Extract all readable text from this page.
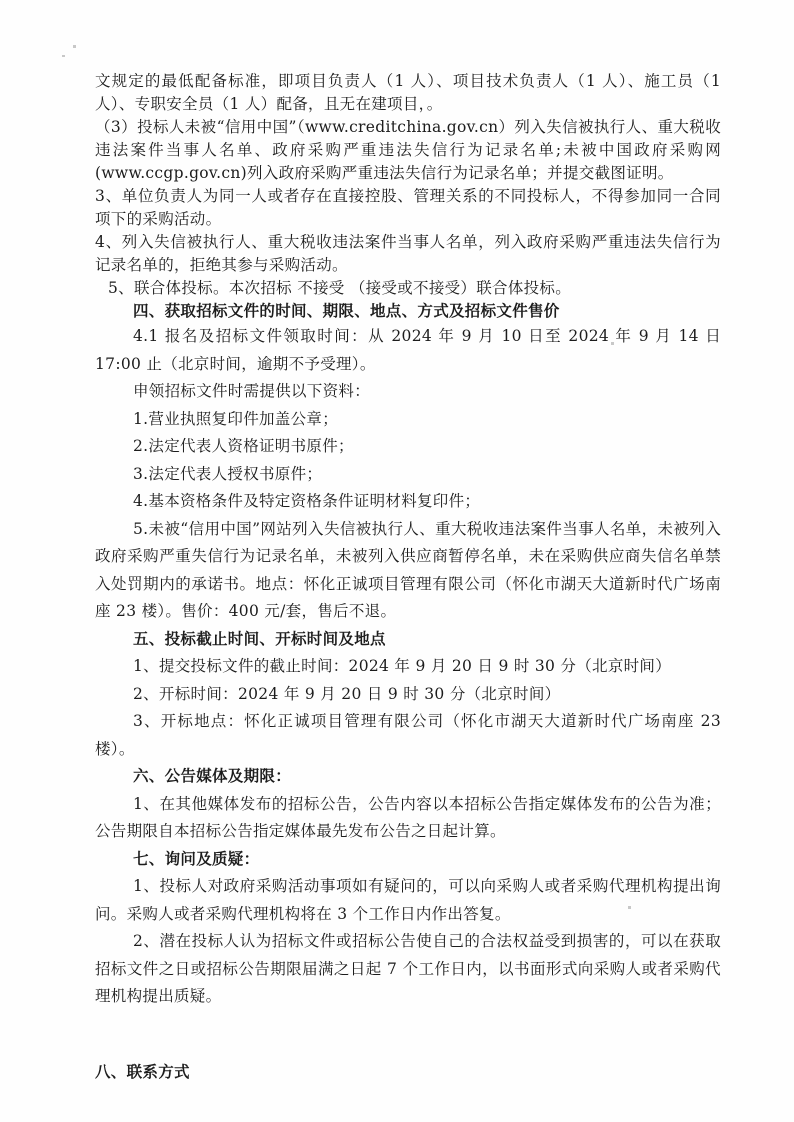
文规定的最低配备标准，即项目负责人（1 人）、项目技术负责人（1 人）、施工员（1 人）、专职安全员（1 人）配备，且无在建项目，。

（3）投标人未被“信用中国”（www.creditchina.gov.cn）列入失信被执行人、重大税收违法案件当事人名单、政府采购严重违法失信行为记录名单;未被中国政府采购网(www.ccgp.gov.cn)列入政府采购严重违法失信行为记录名单；并提交截图证明。

3、单位负责人为同一人或者存在直接控股、管理关系的不同投标人，不得参加同一合同项下的采购活动。

4、列入失信被执行人、重大税收违法案件当事人名单，列入政府采购严重违法失信行为记录名单的，拒绝其参与采购活动。

5、联合体投标。本次招标 不接受 （接受或不接受）联合体投标。

四、获取招标文件的时间、期限、地点、方式及招标文件售价

4.1 报名及招标文件领取时间：从 2024 年 9 月 10 日至 2024 年 9 月 14 日 17:00 止（北京时间，逾期不予受理）。

申领招标文件时需提供以下资料：

1.营业执照复印件加盖公章；

2.法定代表人资格证明书原件；

3.法定代表人授权书原件；

4.基本资格条件及特定资格条件证明材料复印件；

5.未被“信用中国”网站列入失信被执行人、重大税收违法案件当事人名单，未被列入政府采购严重失信行为记录名单，未被列入供应商暂停名单，未在采购供应商失信名单禁入处罚期内的承诺书。地点：怀化正诚项目管理有限公司（怀化市湖天大道新时代广场南座 23 楼）。售价：400 元/套，售后不退。

五、投标截止时间、开标时间及地点

1、提交投标文件的截止时间：2024 年 9 月 20 日 9 时 30 分（北京时间）

2、开标时间：2024 年 9 月 20 日 9 时 30 分（北京时间）

3、开标地点：怀化正诚项目管理有限公司（怀化市湖天大道新时代广场南座 23 楼）。

六、公告媒体及期限：

1、在其他媒体发布的招标公告，公告内容以本招标公告指定媒体发布的公告为准；公告期限自本招标公告指定媒体最先发布公告之日起计算。

七、询问及质疑：

1、投标人对政府采购活动事项如有疑问的，可以向采购人或者采购代理机构提出询问。采购人或者采购代理机构将在 3 个工作日内作出答复。

2、潜在投标人认为招标文件或招标公告使自己的合法权益受到损害的，可以在获取招标文件之日或招标公告期限届满之日起 7 个工作日内，以书面形式向采购人或者采购代理机构提出质疑。

八、联系方式
